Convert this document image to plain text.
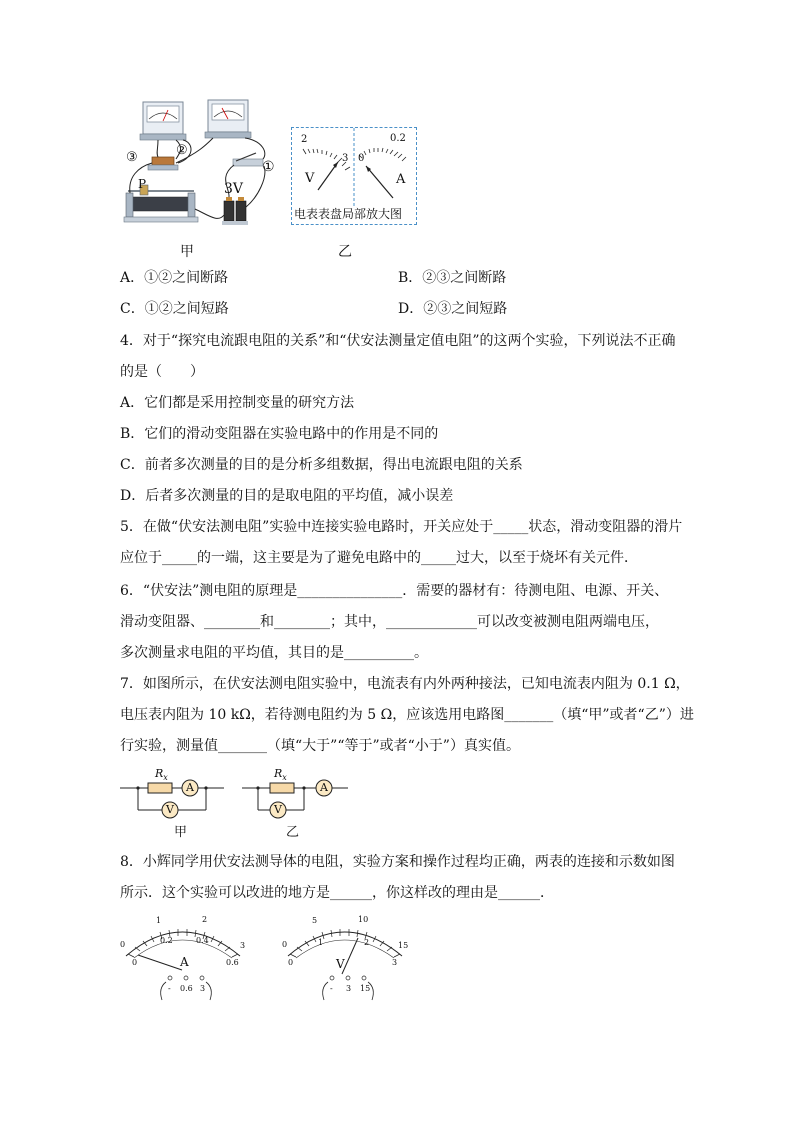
③	②
①
3V
P
2
3
V
0
0.2
A
电表表盘局部放大图
甲	乙
A．①②之间断路	B．②③之间断路
C．①②之间短路	D．②③之间短路
4．对于“探究电流跟电阻的关系”和“伏安法测量定值电阻”的这两个实验，下列说法不正确
的是（　　）
A．它们都是采用控制变量的研究方法
B．它们的滑动变阻器在实验电路中的作用是不同的
C．前者多次测量的目的是分析多组数据，得出电流跟电阻的关系
D．后者多次测量的目的是取电阻的平均值，减小误差
5．在做“伏安法测电阻”实验中连接实验电路时，开关应处于_____状态，滑动变阻器的滑片
应位于_____的一端，这主要是为了避免电路中的_____过大，以至于烧坏有关元件．
6．“伏安法”测电阻的原理是_______________．需要的器材有：待测电阻、电源、开关、
滑动变阻器、________和________；其中，_____________可以改变被测电阻两端电压，
多次测量求电阻的平均值，其目的是__________。
7．如图所示，在伏安法测电阻实验中，电流表有内外两种接法，已知电流表内阻为 0.1 Ω，
电压表内阻为 10 kΩ，若待测电阻约为 5 Ω，应该选用电路图_______（填“甲”或者“乙”）进
行实验，测量值_______（填“大于”“等于”或者“小于”）真实值。
$R_x$
A
V
甲
$R_x$
A
V
乙
8．小辉同学用伏安法测导体的电阻，实验方案和操作过程均正确，两表的连接和示数如图
所示．这个实验可以改进的地方是______，你这样改的理由是______．
0
1	2
3
0
0.2	0.4
0.6
A
- 0.6 3
0
5	10
15
0
1	2
3
V
- 3 15
